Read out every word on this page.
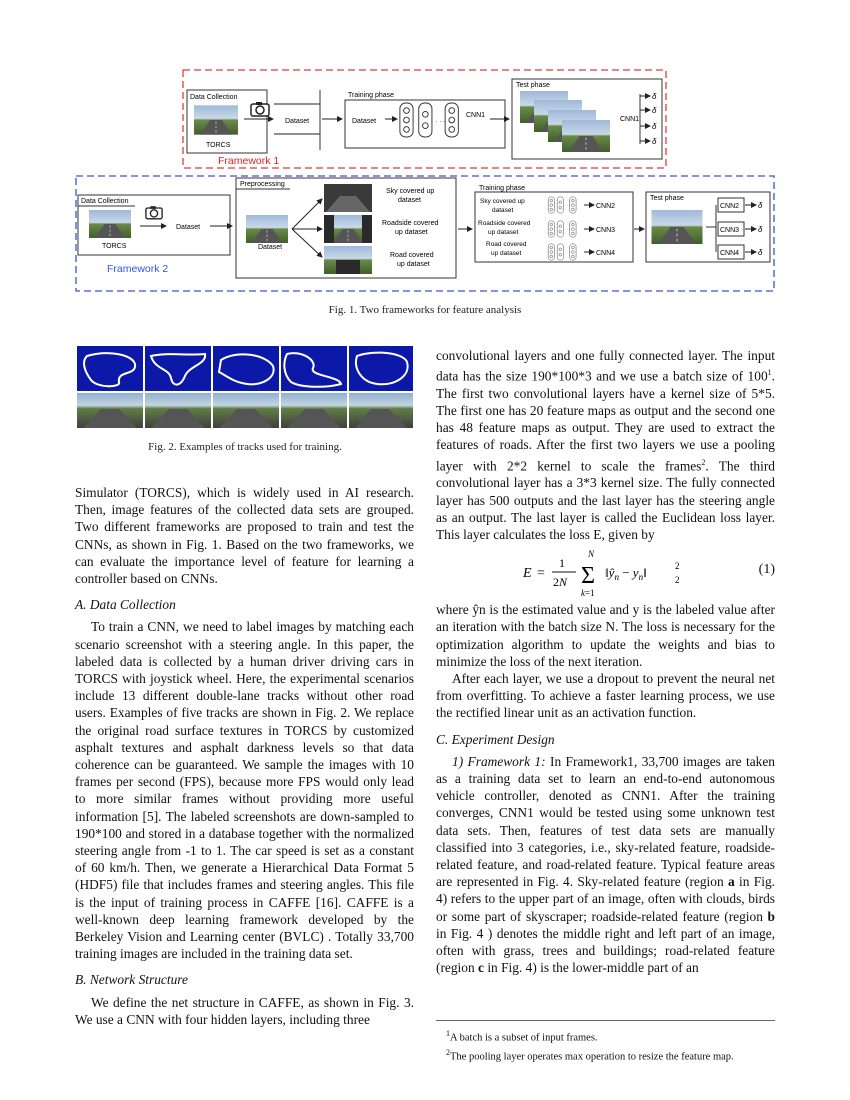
Framework 1
Data Collection
TORCS
Dataset
Training phase
Dataset
CNN1
Test phase
CNN1
δ
δ
δ
δ
Framework 2
Data Collection
TORCS
Dataset
Preprocessing
Dataset
Sky covered up
dataset
Roadside covered
up dataset
Road covered
up dataset
Training phase
Sky covered up
dataset
Roadside covered
up dataset
Road covered
up dataset
CNN2
CNN3
CNN4
Test phase
CNN2
CNN3
CNN4
δ
δ
δ
Fig. 1. Two frameworks for feature analysis
Fig. 2. Examples of tracks used for training.

Simulator (TORCS), which is widely used in AI research. Then, image features of the collected data sets are grouped. Two different frameworks are proposed to train and test the CNNs, as shown in Fig. 1. Based on the two frameworks, we can evaluate the importance level of feature for learning a controller based on CNNs.

A. Data Collection

To train a CNN, we need to label images by matching each scenario screenshot with a steering angle. In this paper, the labeled data is collected by a human driver driving cars in TORCS with joystick wheel. Here, the experimental scenarios include 13 different double-lane tracks without other road users. Examples of five tracks are shown in Fig. 2. We replace the original road surface textures in TORCS by customized asphalt textures and asphalt darkness levels so that data coherence can be guaranteed. We sample the images with 10 frames per second (FPS), because more FPS would only lead to more similar frames without providing more useful information [5]. The labeled screenshots are down-sampled to 190*100 and stored in a database together with the normalized steering angle from -1 to 1. The car speed is set as a constant of 60 km/h. Then, we generate a Hierarchical Data Format 5 (HDF5) file that includes frames and steering angles. This file is the input of training process in CAFFE [16]. CAFFE is a well-known deep learning framework developed by the Berkeley Vision and Learning center (BVLC) . Totally 33,700 training images are included in the training data set.

B. Network Structure

We define the net structure in CAFFE, as shown in Fig. 3. We use a CNN with four hidden layers, including three

convolutional layers and one fully connected layer. The input data has the size 190*100*3 and we use a batch size of $100^1$. The first two convolutional layers have a kernel size of 5*5. The first one has 20 feature maps as output and the second one has 48 feature maps as output. They are used to extract the features of roads. After the first two layers we use a pooling layer with 2*2 kernel to scale the frames$^2$. The third convolutional layer has a 3*3 kernel size. The fully connected layer has 500 outputs and the last layer has the steering angle as an output. The last layer is called the Euclidean loss layer. This layer calculates the loss E, given by

E =
1
2N Σ
N
k=1
$‖ŷ_n$ − $y_n‖$	2
2
(1)

where ŷn is the estimated value and y is the labeled value after an iteration with the batch size N. The loss is necessary for the optimization algorithm to update the weights and bias to minimize the loss of the next iteration.

After each layer, we use a dropout to prevent the neural net from overfitting. To achieve a faster learning process, we use the rectified linear unit as an activation function.

C. Experiment Design

1) Framework 1: In Framework1, 33,700 images are taken as a training data set to learn an end-to-end autonomous vehicle controller, denoted as CNN1. After the training converges, CNN1 would be tested using some unknown test data sets. Then, features of test data sets are manually classified into 3 categories, i.e., sky-related feature, roadside-related feature, and road-related feature. Typical feature areas are represented in Fig. 4. Sky-related feature (region a in Fig. 4) refers to the upper part of an image, often with clouds, birds or some part of skyscraper; roadside-related feature (region b in Fig. 4 ) denotes the middle right and left part of an image, often with grass, trees and buildings; road-related feature (region c in Fig. 4) is the lower-middle part of an

$^1$A batch is a subset of input frames.
$^2$The pooling layer operates max operation to resize the feature map.
